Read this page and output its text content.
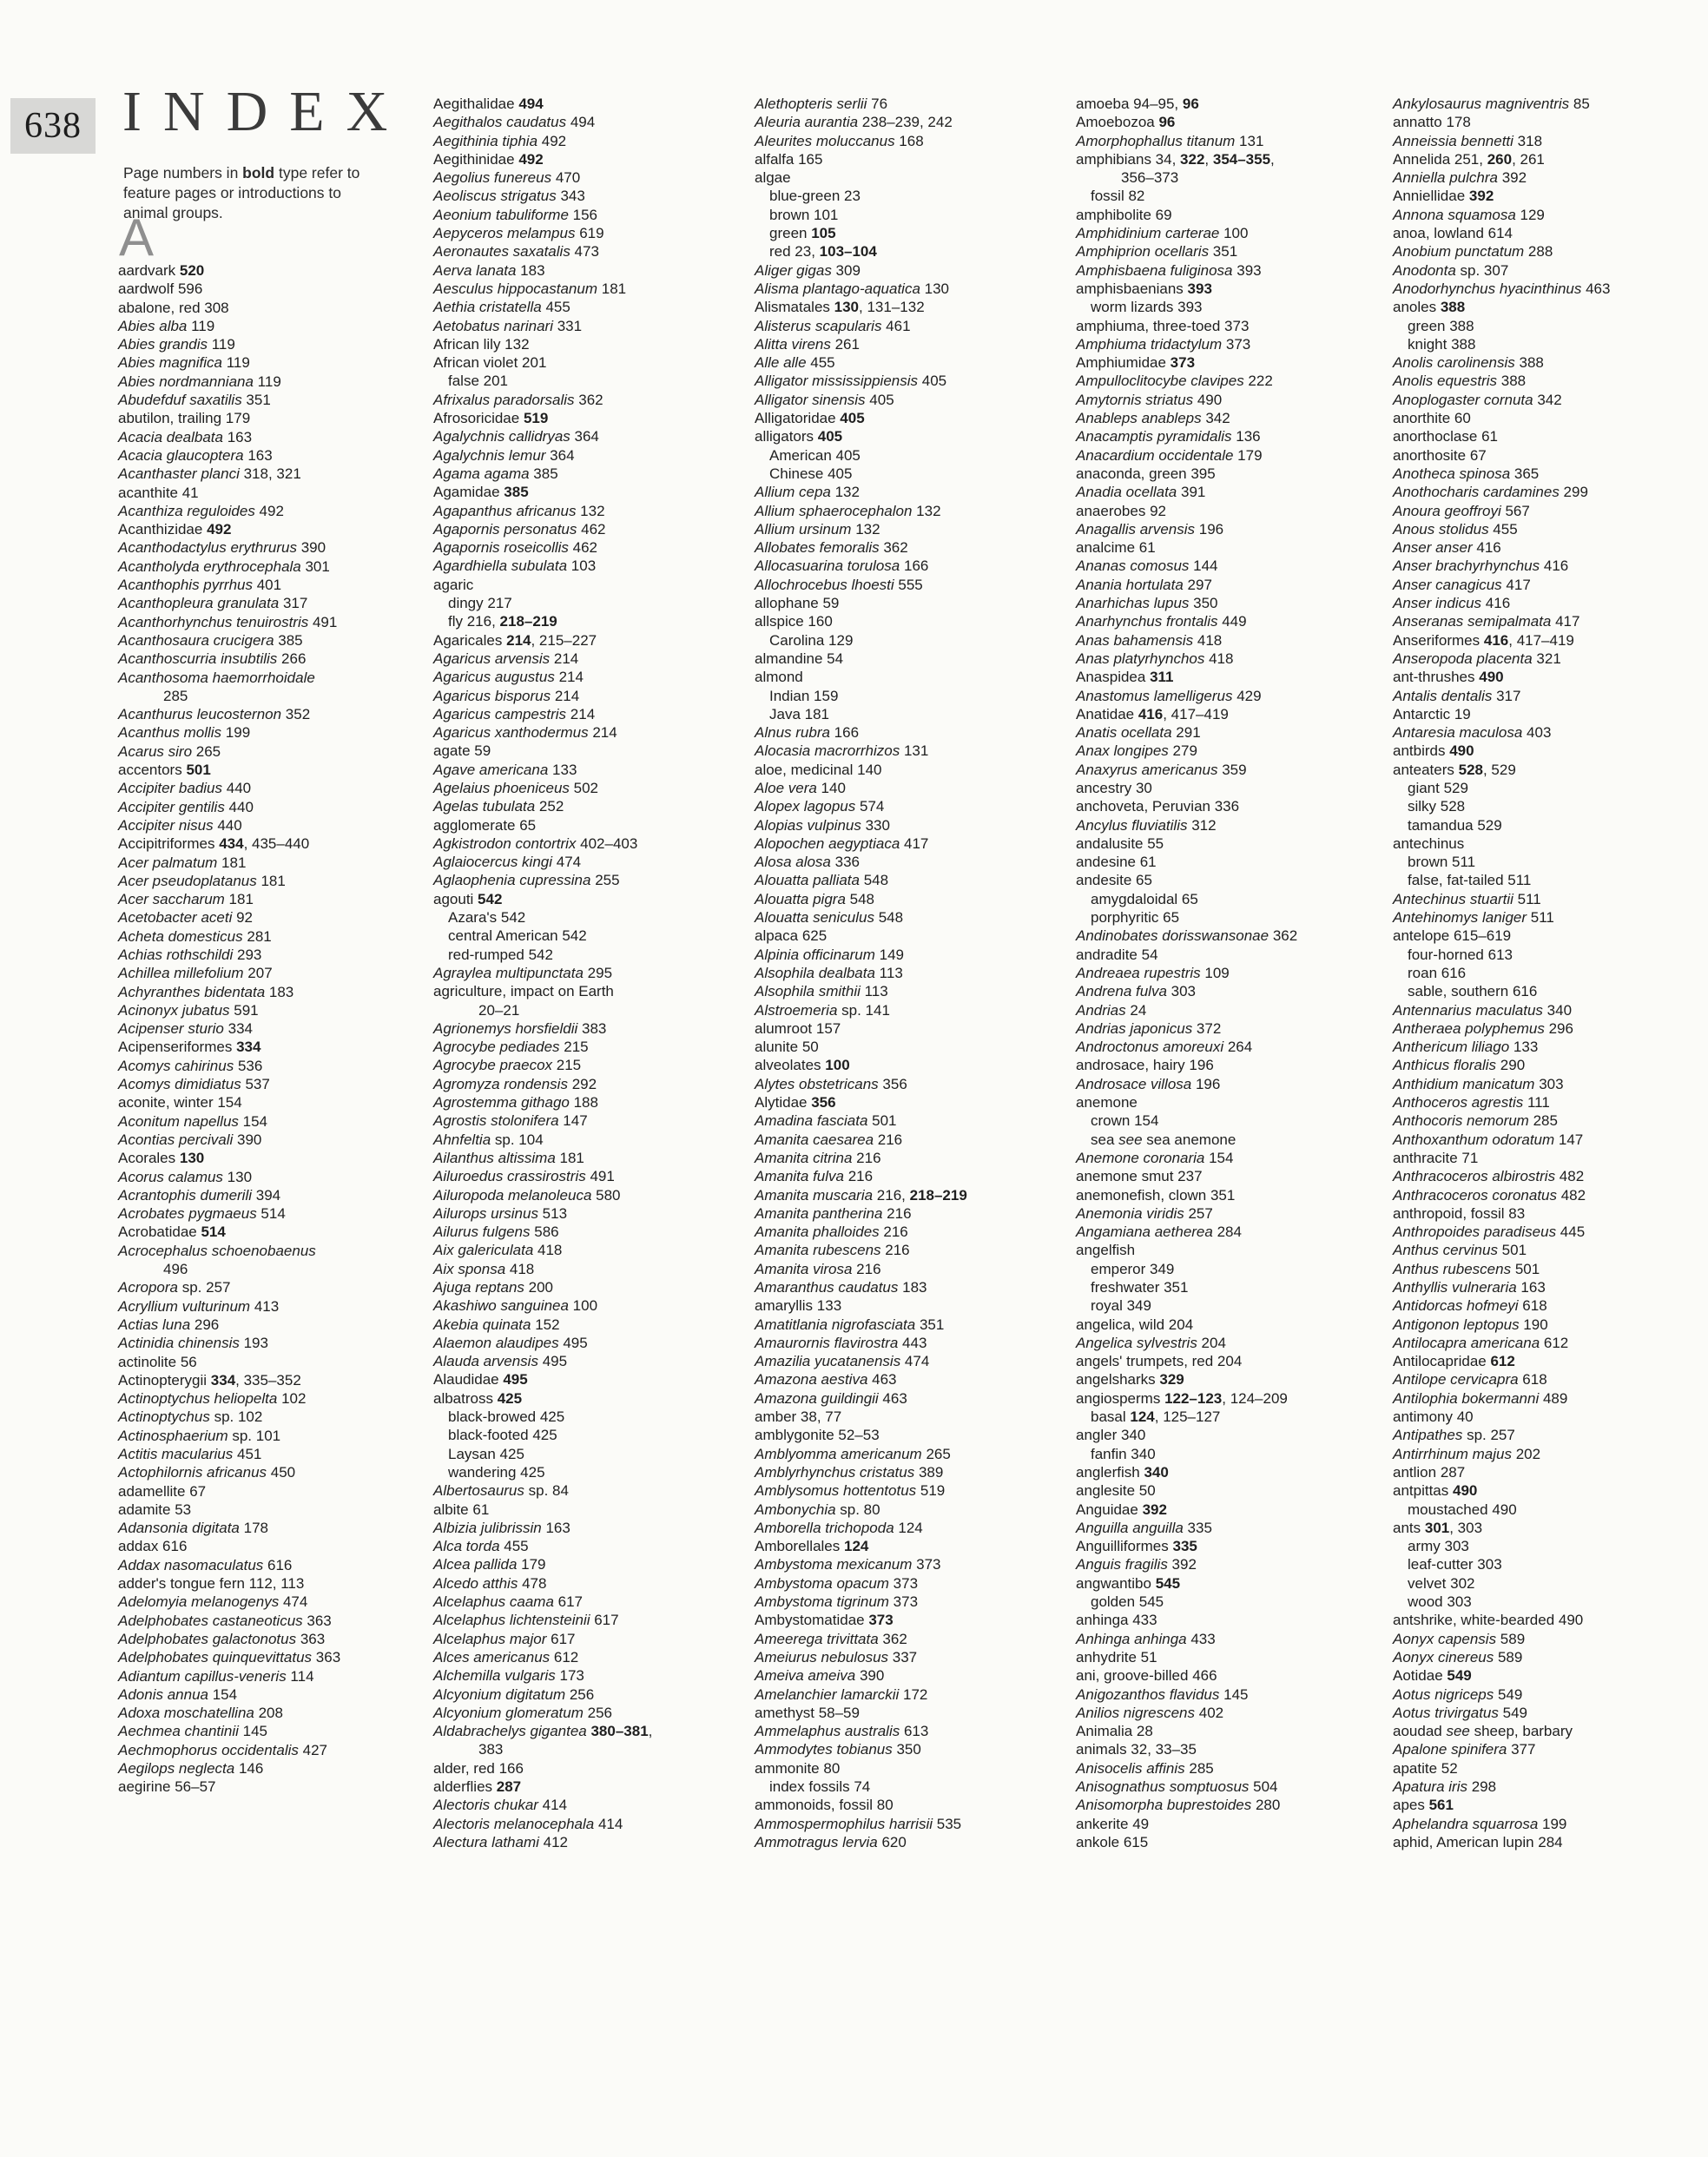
638 INDEX

Page numbers in bold type refer to feature pages or introductions to animal groups.

A
aardvark 520
aardwolf 596
abalone, red 308
Abies alba 119
Abies grandis 119
Abies magnifica 119
Abies nordmanniana 119
Abudefduf saxatilis 351
abutilon, trailing 179
Acacia dealbata 163
Acacia glaucoptera 163
Acanthaster planci 318, 321
acanthite 41
Acanthiza reguloides 492
Acanthizidae 492
Acanthodactylus erythrurus 390
Acantholyda erythrocephala 301
Acanthophis pyrrhus 401
Acanthopleura granulata 317
Acanthorhynchus tenuirostris 491
Acanthosaura crucigera 385
Acanthoscurria insubtilis 266
Acanthosoma haemorrhoidale
285
Acanthurus leucosternon 352
Acanthus mollis 199
Acarus siro 265
accentors 501
Accipiter badius 440
Accipiter gentilis 440
Accipiter nisus 440
Accipitriformes 434, 435–440
Acer palmatum 181
Acer pseudoplatanus 181
Acer saccharum 181
Acetobacter aceti 92
Acheta domesticus 281
Achias rothschildi 293
Achillea millefolium 207
Achyranthes bidentata 183
Acinonyx jubatus 591
Acipenser sturio 334
Acipenseriformes 334
Acomys cahirinus 536
Acomys dimidiatus 537
aconite, winter 154
Aconitum napellus 154
Acontias percivali 390
Acorales 130
Acorus calamus 130
Acrantophis dumerili 394
Acrobates pygmaeus 514
Acrobatidae 514
Acrocephalus schoenobaenus
496
Acropora sp. 257
Acryllium vulturinum 413
Actias luna 296
Actinidia chinensis 193
actinolite 56
Actinopterygii 334, 335–352
Actinoptychus heliopelta 102
Actinoptychus sp. 102
Actinosphaerium sp. 101
Actitis macularius 451
Actophilornis africanus 450
adamellite 67
adamite 53
Adansonia digitata 178
addax 616
Addax nasomaculatus 616
adder's tongue fern 112, 113
Adelomyia melanogenys 474
Adelphobates castaneoticus 363
Adelphobates galactonotus 363
Adelphobates quinquevittatus 363
Adiantum capillus-veneris 114
Adonis annua 154
Adoxa moschatellina 208
Aechmea chantinii 145
Aechmophorus occidentalis 427
Aegilops neglecta 146
aegirine 56–57
Aegithalidae 494
Aegithalos caudatus 494
Aegithinia tiphia 492
Aegithinidae 492
Aegolius funereus 470
Aeoliscus strigatus 343
Aeonium tabuliforme 156
Aepyceros melampus 619
Aeronautes saxatalis 473
Aerva lanata 183
Aesculus hippocastanum 181
Aethia cristatella 455
Aetobatus narinari 331
African lily 132
African violet 201
false 201
Afrixalus paradorsalis 362
Afrosoricidae 519
Agalychnis callidryas 364
Agalychnis lemur 364
Agama agama 385
Agamidae 385
Agapanthus africanus 132
Agapornis personatus 462
Agapornis roseicollis 462
Agardhiella subulata 103
agaric
dingy 217
fly 216, 218–219
Agaricales 214, 215–227
Agaricus arvensis 214
Agaricus augustus 214
Agaricus bisporus 214
Agaricus campestris 214
Agaricus xanthodermus 214
agate 59
Agave americana 133
Agelaius phoeniceus 502
Agelas tubulata 252
agglomerate 65
Agkistrodon contortrix 402–403
Aglaiocercus kingi 474
Aglaophenia cupressina 255
agouti 542
Azara's 542
central American 542
red-rumped 542
Agraylea multipunctata 295
agriculture, impact on Earth
20–21
Agrionemys horsfieldii 383
Agrocybe pediades 215
Agrocybe praecox 215
Agromyza rondensis 292
Agrostemma githago 188
Agrostis stolonifera 147
Ahnfeltia sp. 104
Ailanthus altissima 181
Ailuroedus crassirostris 491
Ailuropoda melanoleuca 580
Ailurops ursinus 513
Ailurus fulgens 586
Aix galericulata 418
Aix sponsa 418
Ajuga reptans 200
Akashiwo sanguinea 100
Akebia quinata 152
Alaemon alaudipes 495
Alauda arvensis 495
Alaudidae 495
albatross 425
black-browed 425
black-footed 425
Laysan 425
wandering 425
Albertosaurus sp. 84
albite 61
Albizia julibrissin 163
Alca torda 455
Alcea pallida 179
Alcedo atthis 478
Alcelaphus caama 617
Alcelaphus lichtensteinii 617
Alcelaphus major 617
Alces americanus 612
Alchemilla vulgaris 173
Alcyonium digitatum 256
Alcyonium glomeratum 256
Aldabrachelys gigantea 380–381,
383
alder, red 166
alderflies 287
Alectoris chukar 414
Alectoris melanocephala 414
Alectura lathami 412
Alethopteris serlii 76
Aleuria aurantia 238–239, 242
Aleurites moluccanus 168
alfalfa 165
algae
blue-green 23
brown 101
green 105
red 23, 103–104
Aliger gigas 309
Alisma plantago-aquatica 130
Alismatales 130, 131–132
Alisterus scapularis 461
Alitta virens 261
Alle alle 455
Alligator mississippiensis 405
Alligator sinensis 405
Alligatoridae 405
alligators 405
American 405
Chinese 405
Allium cepa 132
Allium sphaerocephalon 132
Allium ursinum 132
Allobates femoralis 362
Allocasuarina torulosa 166
Allochrocebus lhoesti 555
allophane 59
allspice 160
Carolina 129
almandine 54
almond
Indian 159
Java 181
Alnus rubra 166
Alocasia macrorrhizos 131
aloe, medicinal 140
Aloe vera 140
Alopex lagopus 574
Alopias vulpinus 330
Alopochen aegyptiaca 417
Alosa alosa 336
Alouatta palliata 548
Alouatta pigra 548
Alouatta seniculus 548
alpaca 625
Alpinia officinarum 149
Alsophila dealbata 113
Alsophila smithii 113
Alstroemeria sp. 141
alumroot 157
alunite 50
alveolates 100
Alytes obstetricans 356
Alytidae 356
Amadina fasciata 501
Amanita caesarea 216
Amanita citrina 216
Amanita fulva 216
Amanita muscaria 216, 218–219
Amanita pantherina 216
Amanita phalloides 216
Amanita rubescens 216
Amanita virosa 216
Amaranthus caudatus 183
amaryllis 133
Amatitlania nigrofasciata 351
Amaurornis flavirostra 443
Amazilia yucatanensis 474
Amazona aestiva 463
Amazona guildingii 463
amber 38, 77
amblygonite 52–53
Amblyomma americanum 265
Amblyrhynchus cristatus 389
Amblysomus hottentotus 519
Ambonychia sp. 80
Amborella trichopoda 124
Amborellales 124
Ambystoma mexicanum 373
Ambystoma opacum 373
Ambystoma tigrinum 373
Ambystomatidae 373
Ameerega trivittata 362
Ameiurus nebulosus 337
Ameiva ameiva 390
Amelanchier lamarckii 172
amethyst 58–59
Ammelaphus australis 613
Ammodytes tobianus 350
ammonite 80
index fossils 74
ammonoids, fossil 80
Ammospermophilus harrisii 535
Ammotragus lervia 620
amoeba 94–95, 96
Amoebozoa 96
Amorphophallus titanum 131
amphibians 34, 322, 354–355,
356–373
fossil 82
amphibolite 69
Amphidinium carterae 100
Amphiprion ocellaris 351
Amphisbaena fuliginosa 393
amphisbaenians 393
worm lizards 393
amphiuma, three-toed 373
Amphiuma tridactylum 373
Amphiumidae 373
Ampulloclitocybe clavipes 222
Amytornis striatus 490
Anableps anableps 342
Anacamptis pyramidalis 136
Anacardium occidentale 179
anaconda, green 395
Anadia ocellata 391
anaerobes 92
Anagallis arvensis 196
analcime 61
Ananas comosus 144
Anania hortulata 297
Anarhichas lupus 350
Anarhynchus frontalis 449
Anas bahamensis 418
Anas platyrhynchos 418
Anaspidea 311
Anastomus lamelligerus 429
Anatidae 416, 417–419
Anatis ocellata 291
Anax longipes 279
Anaxyrus americanus 359
ancestry 30
anchoveta, Peruvian 336
Ancylus fluviatilis 312
andalusite 55
andesine 61
andesite 65
amygdaloidal 65
porphyritic 65
Andinobates dorisswansonae 362
andradite 54
Andreaea rupestris 109
Andrena fulva 303
Andrias 24
Andrias japonicus 372
Androctonus amoreuxi 264
androsace, hairy 196
Androsace villosa 196
anemone
crown 154
sea see sea anemone
Anemone coronaria 154
anemone smut 237
anemonefish, clown 351
Anemonia viridis 257
Angamiana aetherea 284
angelfish
emperor 349
freshwater 351
royal 349
angelica, wild 204
Angelica sylvestris 204
angels' trumpets, red 204
angelsharks 329
angiosperms 122–123, 124–209
basal 124, 125–127
angler 340
fanfin 340
anglerfish 340
anglesite 50
Anguidae 392
Anguilla anguilla 335
Anguilliformes 335
Anguis fragilis 392
angwantibo 545
golden 545
anhinga 433
Anhinga anhinga 433
anhydrite 51
ani, groove-billed 466
Anigozanthos flavidus 145
Anilios nigrescens 402
Animalia 28
animals 32, 33–35
Anisocelis affinis 285
Anisognathus somptuosus 504
Anisomorpha buprestoides 280
ankerite 49
ankole 615
Ankylosaurus magniventris 85
annatto 178
Anneissia bennetti 318
Annelida 251, 260, 261
Anniella pulchra 392
Anniellidae 392
Annona squamosa 129
anoa, lowland 614
Anobium punctatum 288
Anodonta sp. 307
Anodorhynchus hyacinthinus 463
anoles 388
green 388
knight 388
Anolis carolinensis 388
Anolis equestris 388
Anoplogaster cornuta 342
anorthite 60
anorthoclase 61
anorthosite 67
Anotheca spinosa 365
Anothocharis cardamines 299
Anoura geoffroyi 567
Anous stolidus 455
Anser anser 416
Anser brachyrhynchus 416
Anser canagicus 417
Anser indicus 416
Anseranas semipalmata 417
Anseriformes 416, 417–419
Anseropoda placenta 321
ant-thrushes 490
Antalis dentalis 317
Antarctic 19
Antaresia maculosa 403
antbirds 490
anteaters 528, 529
giant 529
silky 528
tamandua 529
antechinus
brown 511
false, fat-tailed 511
Antechinus stuartii 511
Antehinomys laniger 511
antelope 615–619
four-horned 613
roan 616
sable, southern 616
Antennarius maculatus 340
Antheraea polyphemus 296
Anthericum liliago 133
Anthicus floralis 290
Anthidium manicatum 303
Anthoceros agrestis 111
Anthocoris nemorum 285
Anthoxanthum odoratum 147
anthracite 71
Anthracoceros albirostris 482
Anthracoceros coronatus 482
anthropoid, fossil 83
Anthropoides paradiseus 445
Anthus cervinus 501
Anthus rubescens 501
Anthyllis vulneraria 163
Antidorcas hofmeyi 618
Antigonon leptopus 190
Antilocapra americana 612
Antilocapridae 612
Antilope cervicapra 618
Antilophia bokermanni 489
antimony 40
Antipathes sp. 257
Antirrhinum majus 202
antlion 287
antpittas 490
moustached 490
ants 301, 303
army 303
leaf-cutter 303
velvet 302
wood 303
antshrike, white-bearded 490
Aonyx capensis 589
Aonyx cinereus 589
Aotidae 549
Aotus nigriceps 549
Aotus trivirgatus 549
aoudad see sheep, barbary
Apalone spinifera 377
apatite 52
Apatura iris 298
apes 561
Aphelandra squarrosa 199
aphid, American lupin 284
